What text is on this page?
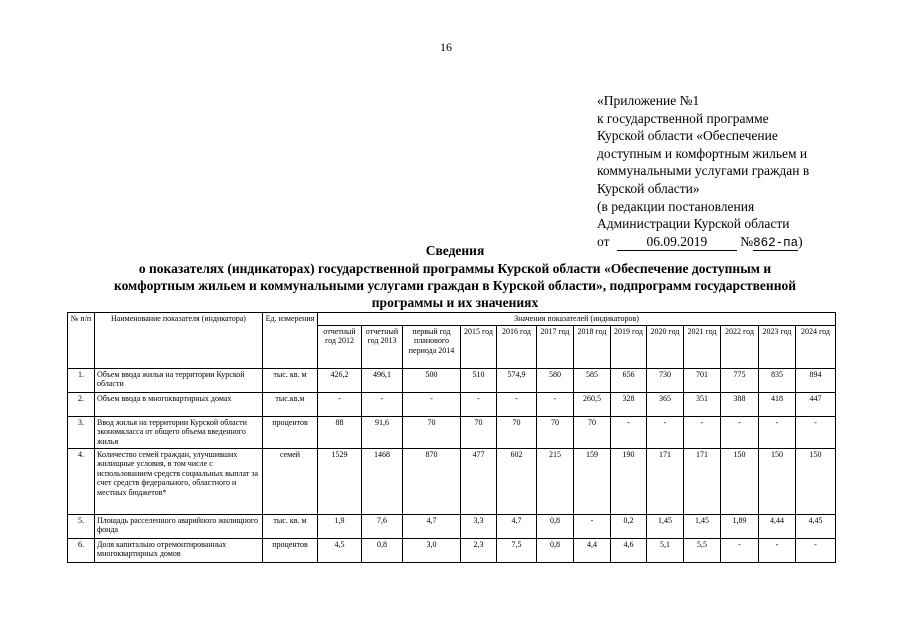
16
«Приложение №1
к государственной программе
Курской области «Обеспечение
доступным и комфортным жильем и
коммунальными услугами граждан в
Курской области»
(в редакции постановления
Администрации Курской области
от	06.09.2019 №862-па)
Сведения
о показателях (индикаторах) государственной программы Курской области «Обеспечение доступным и
комфортным жильем и коммунальными услугами граждан в Курской области», подпрограмм государственной
программы и их значениях
№ п/п	Наименование показателя (индикатора)	Ед. измерения	Значения показателей (индикаторов)												
			отчетный год 2012	отчетный год 2013	первый год планового периода 2014	2015 год	2016 год	2017 год	2018 год	2019 год	2020 год	2021 год	2022 год	2023 год	2024 год
1.	Объем ввода жилья на территории Курской области	тыс. кв. м	426,2	496,1	500	510	574,9	580	585	656	730	701	775	835	894
2.	Объем ввода в многоквартирных домах	тыс.кв.м	-	-	-	-	-	-	260,5	328	365	351	388	418	447
3.	Ввод жилья на территории Курской области экономкласса от общего объема введенного жилья	процентов	88	91,6	70	70	70	70	70	-	-	-	-	-	-
4.	Количество семей граждан, улучшивших жилищные условия, в том числе с использованием средств социальных выплат за счет средств федерального, областного и местных бюджетов*	семей	1529	1468	870	477	602	215	159	190	171	171	150	150	150
5.	Площадь расселенного аварийного жилищного фонда	тыс. кв. м	1,9	7,6	4,7	3,3	4,7	0,8	-	0,2	1,45	1,45	1,89	4,44	4,45
6.	Доля капитально отремонтированных многоквартирных домов	процентов	4,5	0,8	3,0	2,3	7,5	0,8	4,4	4,6	5,1	5,5	-	-	-
